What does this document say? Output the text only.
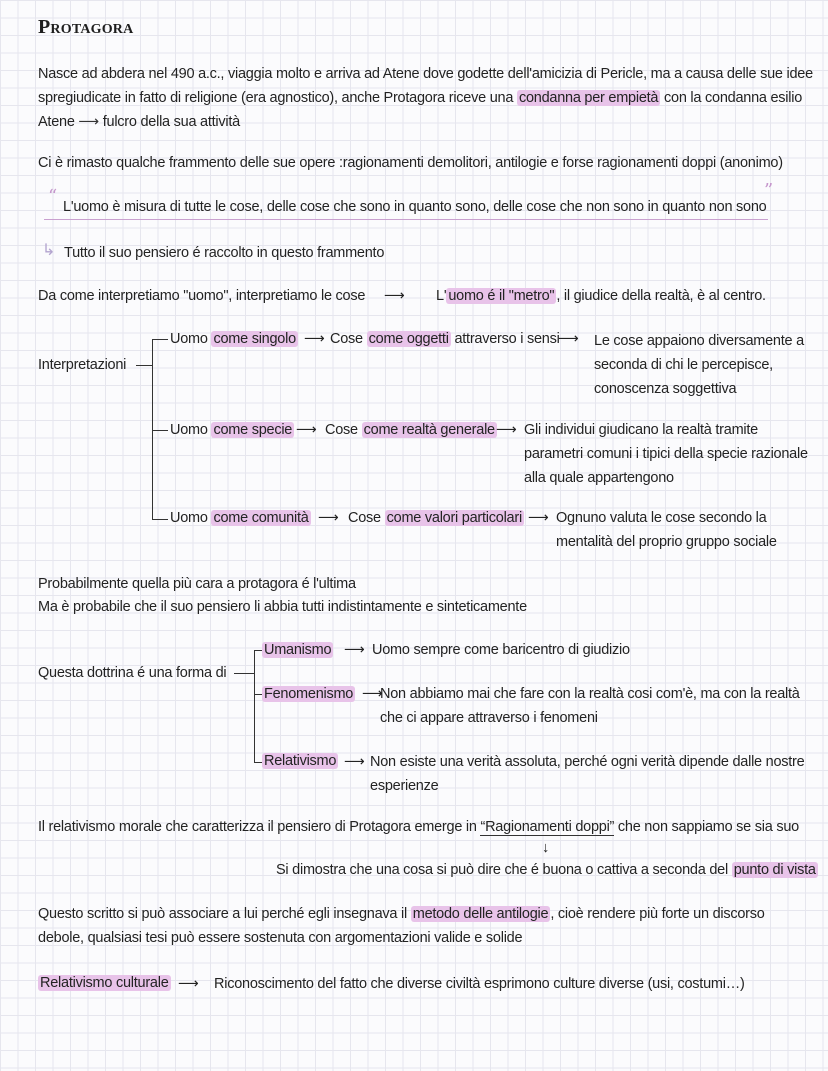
Protagora
Nasce ad abdera nel 490 a.c., viaggia molto e arriva ad Atene dove godette dell'amicizia di Pericle, ma a causa delle sue idee
spregiudicate in fatto di religione (era agnostico), anche Protagora riceve una condanna per empietà con la condanna esilio
Atene ⟶ fulcro della sua attività
Ci è rimasto qualche frammento delle sue opere :ragionamenti demolitori, antilogie e forse ragionamenti doppi (anonimo)
“ L'uomo è misura di tutte le cose, delle cose che sono in quanto sono, delle cose che non sono in quanto non sono
”
↳ Tutto il suo pensiero é raccolto in questo frammento
Da come interpretiamo "uomo", interpretiamo le cose ⟶ L' uomo é il "metro" , il giudice della realtà, è al centro.
Interpretazioni
Uomo come singolo ⟶ Cose come oggetti attraverso i sensi
⟶ Le cose appaiono diversamente a
seconda di chi le percepisce,
conoscenza soggettiva
Uomo come specie ⟶ Cose come realtà generale ⟶ Gli individui giudicano la realtà tramite
parametri comuni i tipici della specie razionale
alla quale appartengono
Uomo come comunità ⟶ Cose come valori particolari ⟶ Ognuno valuta le cose secondo la
mentalità del proprio gruppo sociale
Probabilmente quella più cara a protagora é l'ultima
Ma è probabile che il suo pensiero li abbia tutti indistintamente e sinteticamente
Questa dottrina é una forma di
Umanismo ⟶ Uomo sempre come baricentro di giudizio
Fenomenismo ⟶
Non abbiamo mai che fare con la realtà cosi com'è, ma con la realtà
che ci appare attraverso i fenomeni
Relativismo ⟶ Non esiste una verità assoluta, perché ogni verità dipende dalle nostre
esperienze
Il relativismo morale che caratterizza il pensiero di Protagora emerge in “Ragionamenti doppi” che non sappiamo se sia suo
↓
Si dimostra che una cosa si può dire che é buona o cattiva a seconda del punto di vista
Questo scritto si può associare a lui perché egli insegnava il metodo delle antilogie , cioè rendere più forte un discorso
debole, qualsiasi tesi può essere sostenuta con argomentazioni valide e solide
Relativismo culturale ⟶ Riconoscimento del fatto che diverse civiltà esprimono culture diverse (usi, costumi…)
